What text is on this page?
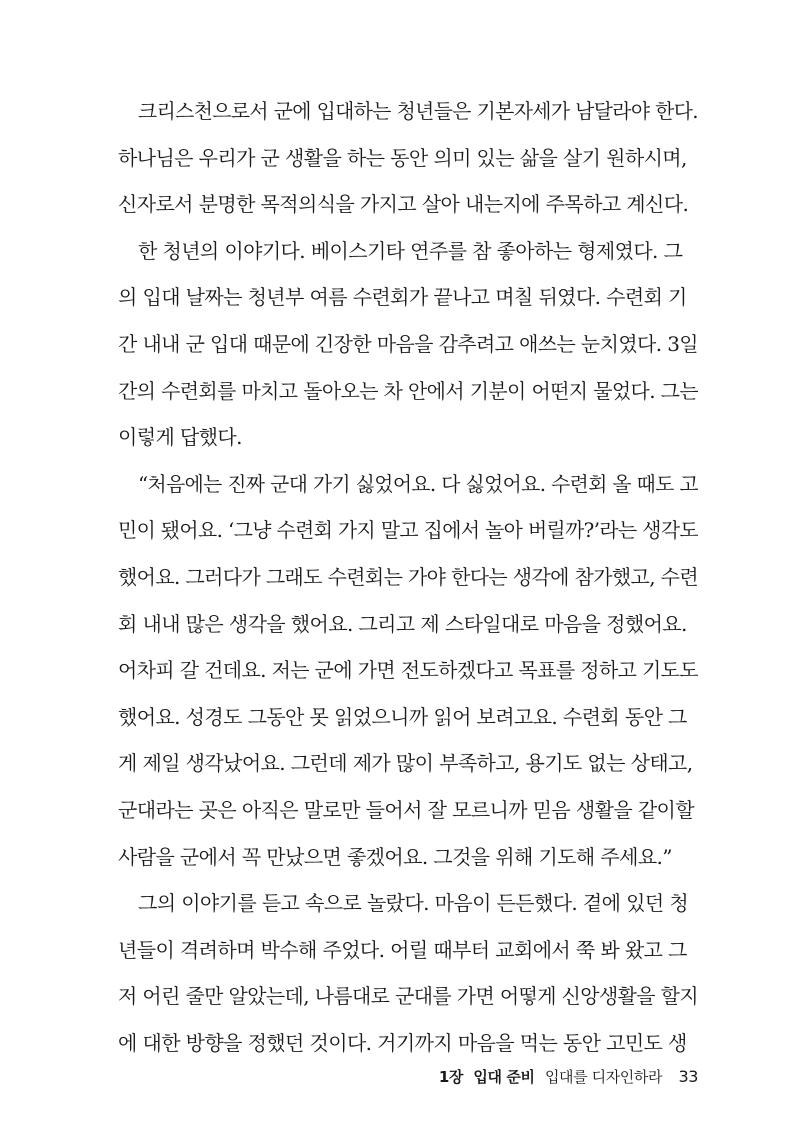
크리스천으로서 군에 입대하는 청년들은 기본자세가 남달라야 한다.
하나님은 우리가 군 생활을 하는 동안 의미 있는 삶을 살기 원하시며,
신자로서 분명한 목적의식을 가지고 살아 내는지에 주목하고 계신다.
한 청년의 이야기다. 베이스기타 연주를 참 좋아하는 형제였다. 그
의 입대 날짜는 청년부 여름 수련회가 끝나고 며칠 뒤였다. 수련회 기
간 내내 군 입대 때문에 긴장한 마음을 감추려고 애쓰는 눈치였다. 3일
간의 수련회를 마치고 돌아오는 차 안에서 기분이 어떤지 물었다. 그는
이렇게 답했다.
“처음에는 진짜 군대 가기 싫었어요. 다 싫었어요. 수련회 올 때도 고
민이 됐어요. ‘그냥 수련회 가지 말고 집에서 놀아 버릴까?’라는 생각도
했어요. 그러다가 그래도 수련회는 가야 한다는 생각에 참가했고, 수련
회 내내 많은 생각을 했어요. 그리고 제 스타일대로 마음을 정했어요.
어차피 갈 건데요. 저는 군에 가면 전도하겠다고 목표를 정하고 기도도
했어요. 성경도 그동안 못 읽었으니까 읽어 보려고요. 수련회 동안 그
게 제일 생각났어요. 그런데 제가 많이 부족하고, 용기도 없는 상태고,
군대라는 곳은 아직은 말로만 들어서 잘 모르니까 믿음 생활을 같이할
사람을 군에서 꼭 만났으면 좋겠어요. 그것을 위해 기도해 주세요.”
그의 이야기를 듣고 속으로 놀랐다. 마음이 든든했다. 곁에 있던 청
년들이 격려하며 박수해 주었다. 어릴 때부터 교회에서 쭉 봐 왔고 그
저 어린 줄만 알았는데, 나름대로 군대를 가면 어떻게 신앙생활을 할지
에 대한 방향을 정했던 것이다. 거기까지 마음을 먹는 동안 고민도 생
1장 입대 준비 입대를 디자인하라 33
